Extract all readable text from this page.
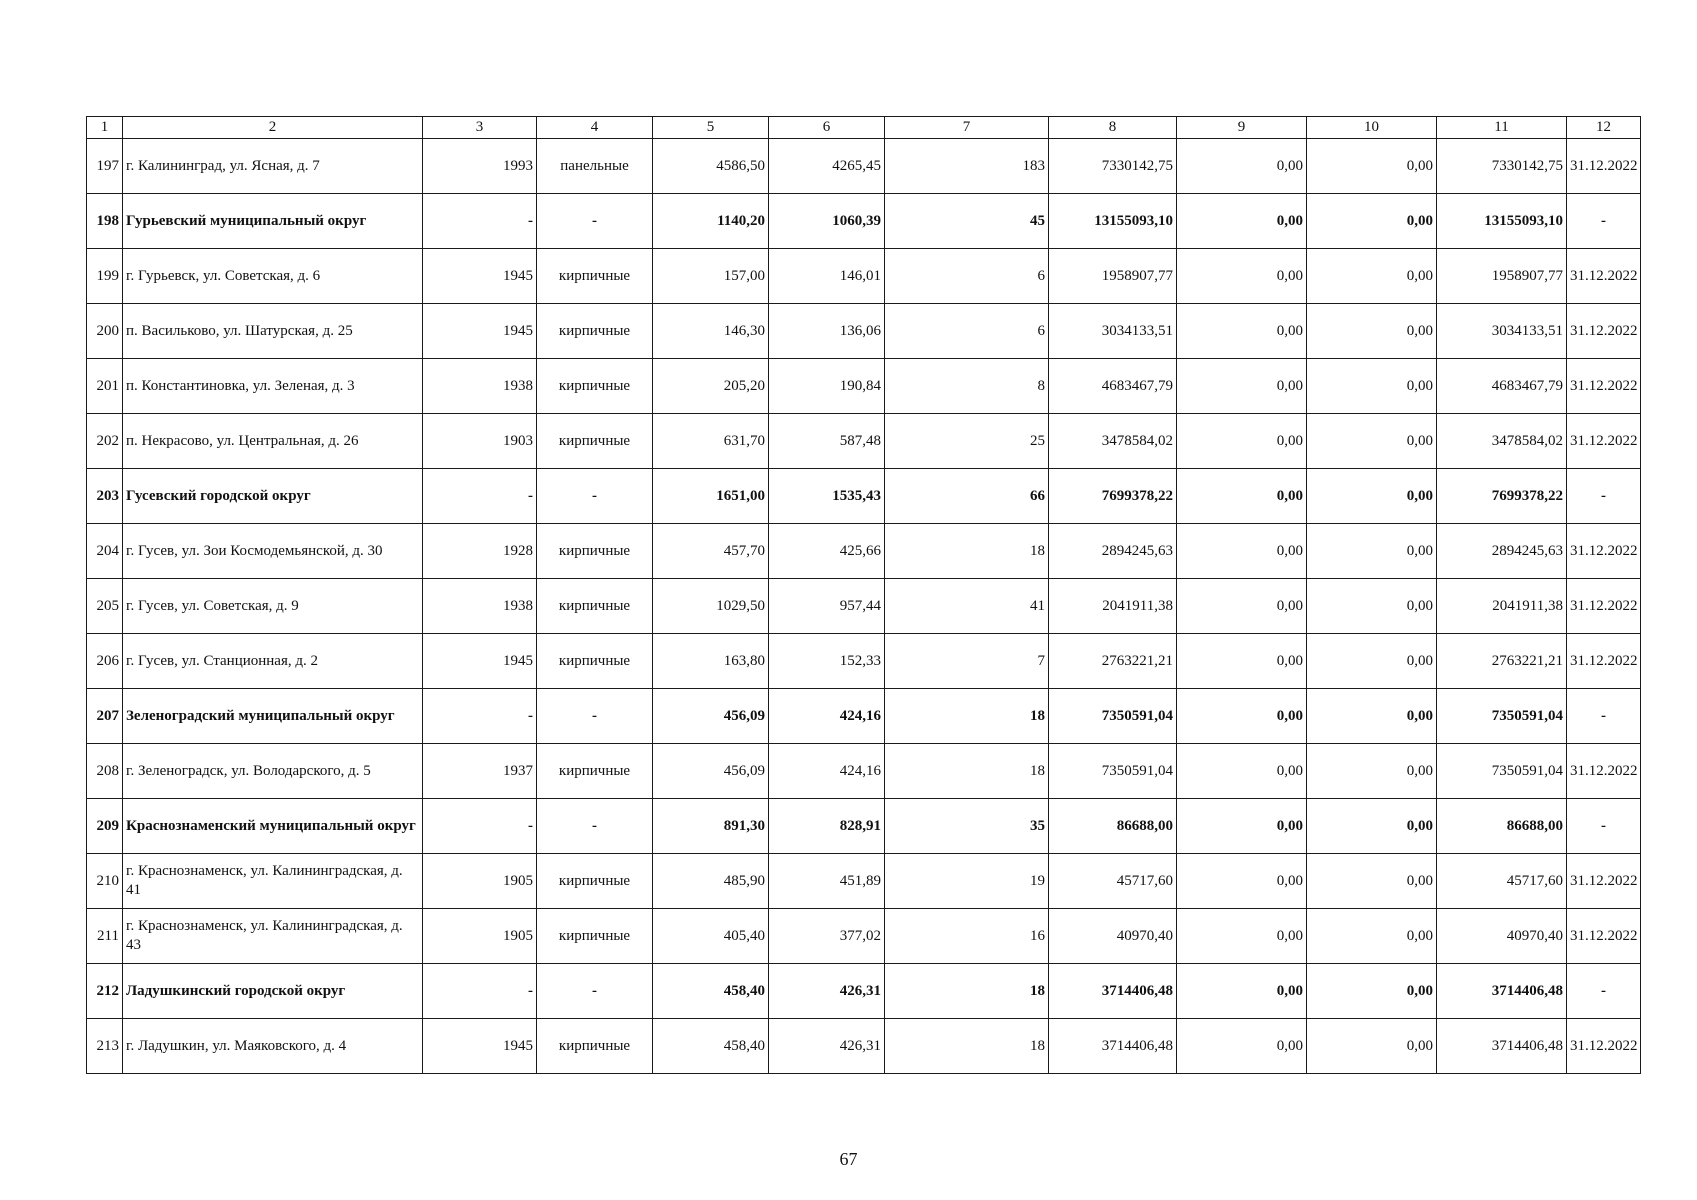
1	2	3	4	5	6	7	8	9	10	11	12
197	г. Калининград, ул. Ясная, д. 7	1993	панельные	4586,50	4265,45	183	7330142,75	0,00	0,00	7330142,75	31.12.2022
198	Гурьевский муниципальный округ	-	-	1140,20	1060,39	45	13155093,10	0,00	0,00	13155093,10	-
199	г. Гурьевск, ул. Советская, д. 6	1945	кирпичные	157,00	146,01	6	1958907,77	0,00	0,00	1958907,77	31.12.2022
200	п. Васильково, ул. Шатурская, д. 25	1945	кирпичные	146,30	136,06	6	3034133,51	0,00	0,00	3034133,51	31.12.2022
201	п. Константиновка, ул. Зеленая, д. 3	1938	кирпичные	205,20	190,84	8	4683467,79	0,00	0,00	4683467,79	31.12.2022
202	п. Некрасово, ул. Центральная, д. 26	1903	кирпичные	631,70	587,48	25	3478584,02	0,00	0,00	3478584,02	31.12.2022
203	Гусевский городской округ	-	-	1651,00	1535,43	66	7699378,22	0,00	0,00	7699378,22	-
204	г. Гусев, ул. Зои Космодемьянской, д. 30	1928	кирпичные	457,70	425,66	18	2894245,63	0,00	0,00	2894245,63	31.12.2022
205	г. Гусев, ул. Советская, д. 9	1938	кирпичные	1029,50	957,44	41	2041911,38	0,00	0,00	2041911,38	31.12.2022
206	г. Гусев, ул. Станционная, д. 2	1945	кирпичные	163,80	152,33	7	2763221,21	0,00	0,00	2763221,21	31.12.2022
207	Зеленоградский муниципальный округ	-	-	456,09	424,16	18	7350591,04	0,00	0,00	7350591,04	-
208	г. Зеленоградск, ул. Володарского, д. 5	1937	кирпичные	456,09	424,16	18	7350591,04	0,00	0,00	7350591,04	31.12.2022
209	Краснознаменский муниципальный округ	-	-	891,30	828,91	35	86688,00	0,00	0,00	86688,00	-
210	г. Краснознаменск, ул. Калининградская, д. 41	1905	кирпичные	485,90	451,89	19	45717,60	0,00	0,00	45717,60	31.12.2022
211	г. Краснознаменск, ул. Калининградская, д. 43	1905	кирпичные	405,40	377,02	16	40970,40	0,00	0,00	40970,40	31.12.2022
212	Ладушкинский городской округ	-	-	458,40	426,31	18	3714406,48	0,00	0,00	3714406,48	-
213	г. Ладушкин, ул. Маяковского, д. 4	1945	кирпичные	458,40	426,31	18	3714406,48	0,00	0,00	3714406,48	31.12.2022
67
